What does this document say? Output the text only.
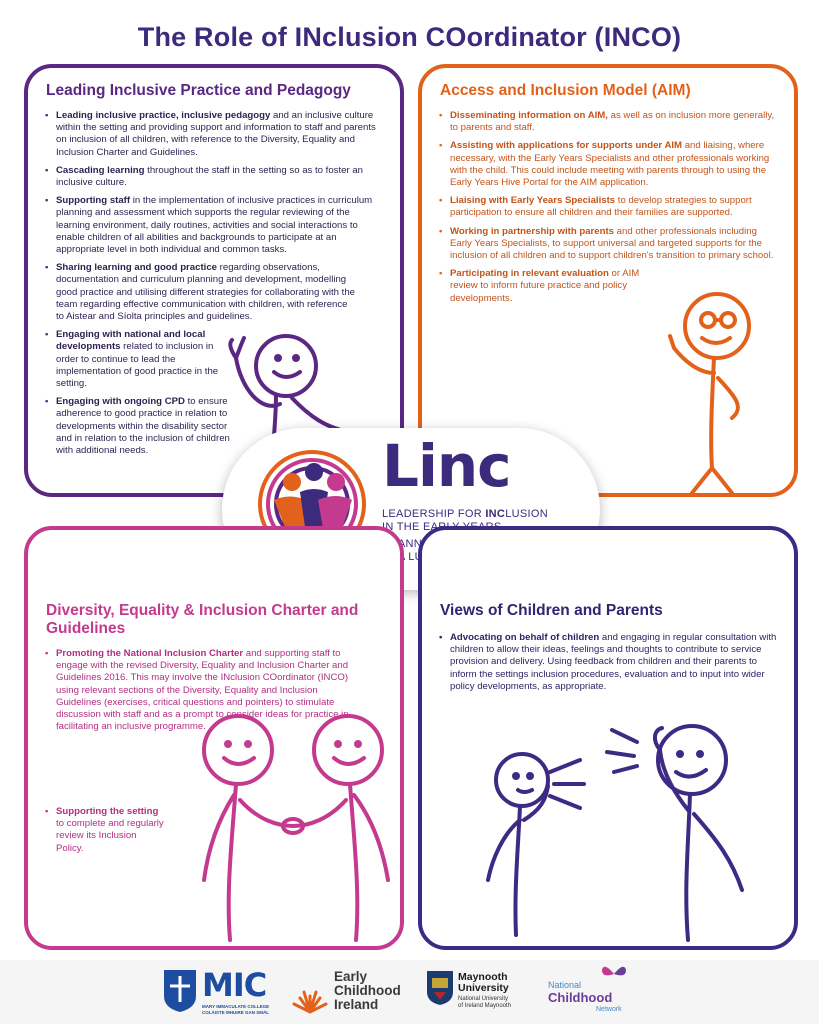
The Role of INclusion COordinator (INCO)
Leading Inclusive Practice and Pedagogy
• Leading inclusive practice, inclusive pedagogy and an inclusive culture within the setting and providing support and information to staff and parents on inclusion of all children, with reference to the Diversity, Equality and Inclusion Charter and Guidelines.
• Cascading learning throughout the staff in the setting so as to foster an inclusive culture.
• Supporting staff in the implementation of inclusive practices in curriculum planning and assessment which supports the regular reviewing of the learning environment, daily routines, activities and social interactions to enable children of all abilities and backgrounds to participate at an appropriate level in both individual and common tasks.
• Sharing learning and good practice regarding observations, documentation and curriculum planning and development, modelling good practice and utilising different strategies for collaborating with the team regarding effective communication with children, with reference to Aistear and Síolta principles and guidelines.
• Engaging with national and local developments related to inclusion in order to continue to lead the implementation of good practice in the setting.
• Engaging with ongoing CPD to ensure adherence to good practice in relation to developments within the disability sector and in relation to the inclusion of children with additional needs.
Access and Inclusion Model (AIM)
• Disseminating information on AIM, as well as on inclusion more generally, to parents and staff.
• Assisting with applications for supports under AIM and liaising, where necessary, with the Early Years Specialists and other professionals working with the child. This could include meeting with parents through to using the Early Years Hive Portal for the AIM application.
• Liaising with Early Years Specialists to develop strategies to support participation to ensure all children and their families are supported.
• Working in partnership with parents and other professionals including Early Years Specialists, to support universal and targeted supports for the inclusion of all children and to support children's transition to primary school.
• Participating in relevant evaluation or AIM review to inform future practice and policy developments.
Linc
LEADERSHIP FOR INCLUSION
IN THE
Diversity, Equality & Inclusion Charter and Guidelines
• Promoting the National Inclusion Charter and supporting staff to engage with the revised Diversity, Equality and Inclusion Charter and Guidelines 2016. This may involve the INclusion COordinator (INCO) using relevant sections of the Diversity, Equality and Inclusion Guidelines (exercises, critical questions and pointers) to stimulate discussion with staff and as a prompt to consider ideas for practice in facilitating an inclusive programme.
• Supporting the setting to complete and regularly review its Inclusion Policy.
Views of Children and Parents
• Advocating on behalf of children and engaging in regular consultation with children to allow their ideas, feelings and thoughts to contribute to service provision and delivery. Using feedback from children and their parents to inform the settings inclusion procedures, evaluation and to input into wider policy developments, as appropriate.
MIC
MARY IMMACULATE COLLEGE
COLÁISTE MHUIRE GAN SMÁL
Early
Childhood
Ireland
Maynooth
University
National University
of Ireland Maynooth
National
Childhood
Network
